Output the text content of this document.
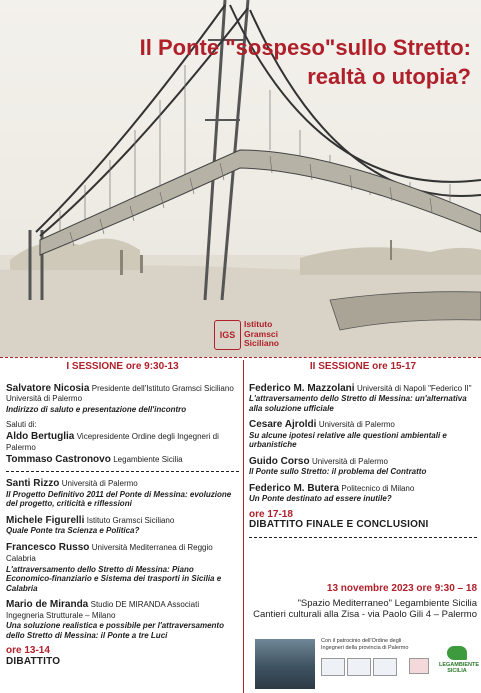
Il Ponte "sospeso"sullo Stretto:
realtà o utopia?
IGS
Istituto
Gramsci
Siciliano
I SESSIONE ore 9:30-13
Salvatore Nicosia Presidente dell'Istituto Gramsci Siciliano
Università di Palermo
Indirizzo di saluto e presentazione dell'incontro
Saluti di:
Aldo Bertuglia Vicepresidente Ordine degli Ingegneri di Palermo
Tommaso Castronovo Legambiente Sicilia
Santi Rizzo Università di Palermo
Il Progetto Definitivo 2011 del Ponte di Messina: evoluzione del progetto, criticità e riflessioni
Michele Figurelli Istituto Gramsci Siciliano
Quale Ponte tra Scienza e Politica?
Francesco Russo Università Mediterranea di Reggio Calabria
L'attraversamento dello Stretto di Messina: Piano Economico-finanziario e Sistema dei trasporti in Sicilia e Calabria
Mario de Miranda Studio DE MIRANDA Associati
Ingegneria Strutturale – Milano
Una soluzione realistica e possibile per l'attraversamento dello Stretto di Messina: il Ponte a tre Luci
ore 13-14
DIBATTITO
II SESSIONE ore 15-17
Federico M. Mazzolani Università di Napoli "Federico II"
L'attraversamento dello Stretto di Messina: un'alternativa alla soluzione ufficiale
Cesare Ajroldi Università di Palermo
Su alcune ipotesi relative alle questioni ambientali e urbanistiche
Guido Corso Università di Palermo
Il Ponte sullo Stretto: il problema del Contratto
Federico M. Butera Politecnico di Milano
Un Ponte destinato ad essere inutile?
ore 17-18
DIBATTITO FINALE E CONCLUSIONI
13 novembre 2023 ore 9:30 – 18
"Spazio Mediterraneo" Legambiente Sicilia
Cantieri culturali alla Zisa - via Paolo Gili 4 – Palermo
Con il patrocinio dell'Ordine degli Ingegneri della provincia di Palermo
LEGAMBIENTE
SICILIA
